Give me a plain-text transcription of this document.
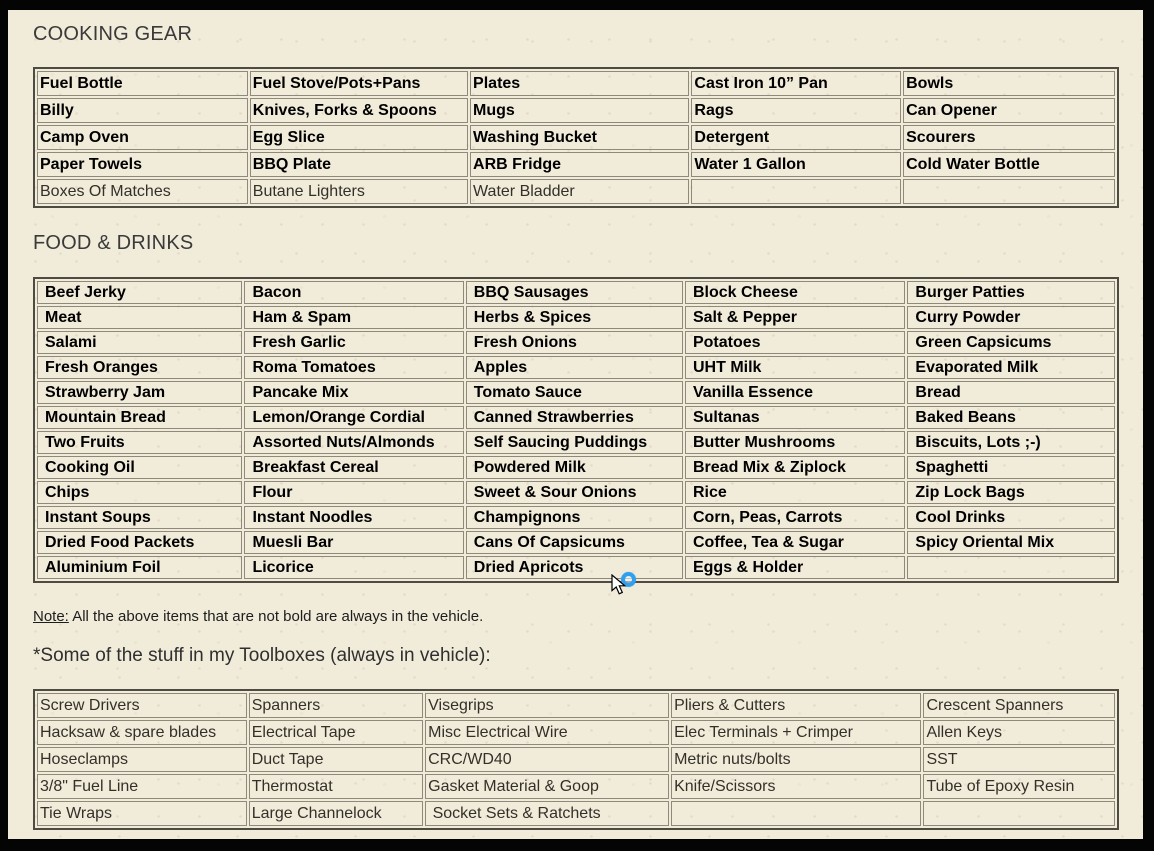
COOKING GEAR
Fuel Bottle	Fuel Stove/Pots+Pans	Plates	Cast Iron 10” Pan	Bowls
Billy	Knives, Forks & Spoons	Mugs	Rags	Can Opener
Camp Oven	Egg Slice	Washing Bucket	Detergent	Scourers
Paper Towels	BBQ Plate	ARB Fridge	Water 1 Gallon	Cold Water Bottle
Boxes Of Matches	Butane Lighters	Water Bladder		
FOOD & DRINKS
Beef Jerky	Bacon	BBQ Sausages	Block Cheese	Burger Patties
Meat	Ham & Spam	Herbs & Spices	Salt & Pepper	Curry Powder
Salami	Fresh Garlic	Fresh Onions	Potatoes	Green Capsicums
Fresh Oranges	Roma Tomatoes	Apples	UHT Milk	Evaporated Milk
Strawberry Jam	Pancake Mix	Tomato Sauce	Vanilla Essence	Bread
Mountain Bread	Lemon/Orange Cordial	Canned Strawberries	Sultanas	Baked Beans
Two Fruits	Assorted Nuts/Almonds	Self Saucing Puddings	Butter Mushrooms	Biscuits, Lots ;-)
Cooking Oil	Breakfast Cereal	Powdered Milk	Bread Mix & Ziplock	Spaghetti
Chips	Flour	Sweet & Sour Onions	Rice	Zip Lock Bags
Instant Soups	Instant Noodles	Champignons	Corn, Peas, Carrots	Cool Drinks
Dried Food Packets	Muesli Bar	Cans Of Capsicums	Coffee, Tea & Sugar	Spicy Oriental Mix
Aluminium Foil	Licorice	Dried Apricots	Eggs & Holder	

Note: All the above items that are not bold are always in the vehicle.

*Some of the stuff in my Toolboxes (always in vehicle):

Screw Drivers	Spanners	Visegrips	Pliers & Cutters	Crescent Spanners
Hacksaw & spare blades	Electrical Tape	Misc Electrical Wire	Elec Terminals + Crimper	Allen Keys
Hoseclamps	Duct Tape	CRC/WD40	Metric nuts/bolts	SST
3/8" Fuel Line	Thermostat	Gasket Material & Goop	Knife/Scissors	Tube of Epoxy Resin
Tie Wraps	Large Channelock	Socket Sets & Ratchets		
